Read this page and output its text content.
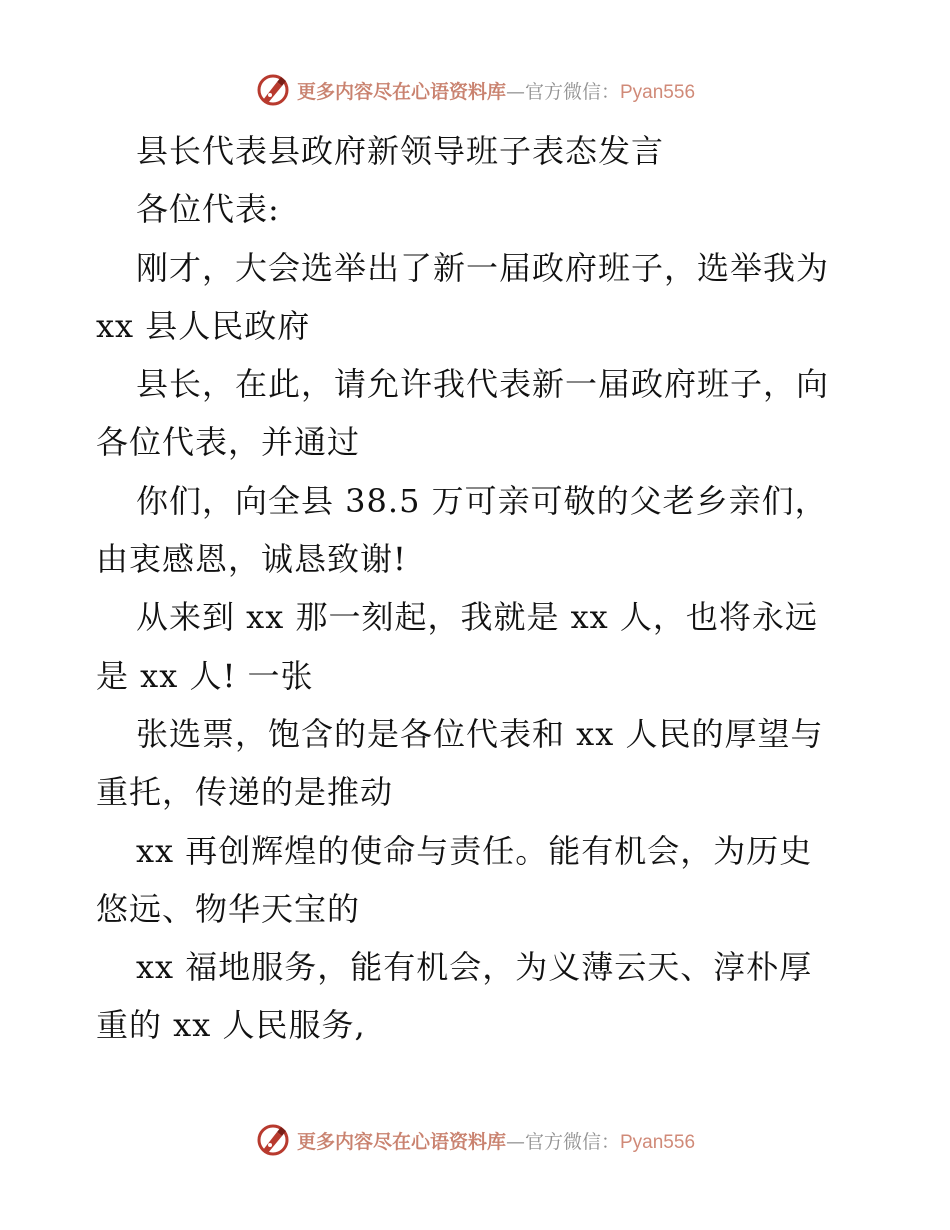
更多内容尽在心语资料库 — 官方微信： Pyan556
县长代表县政府新领导班子表态发言
各位代表:
刚才，大会选举出了新一届政府班子，选举我为
xx 县人民政府
县长，在此，请允许我代表新一届政府班子，向
各位代表，并通过
你们，向全县 38.5 万可亲可敬的父老乡亲们，
由衷感恩，诚恳致谢!
从来到 xx 那一刻起，我就是 xx 人，也将永远
是 xx 人! 一张
张选票，饱含的是各位代表和 xx 人民的厚望与
重托，传递的是推动
xx 再创辉煌的使命与责任。能有机会，为历史
悠远、物华天宝的
xx 福地服务，能有机会，为义薄云天、淳朴厚
重的 xx 人民服务,
更多内容尽在心语资料库 — 官方微信： Pyan556
